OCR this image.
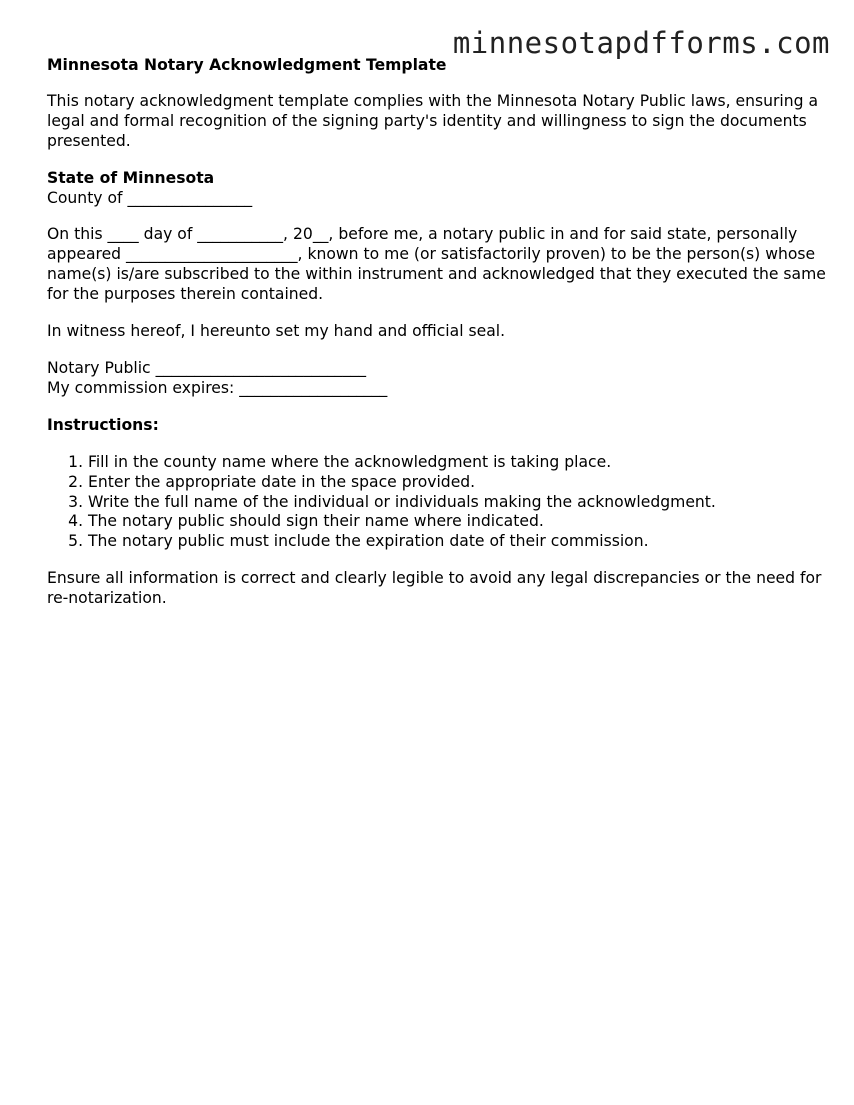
minnesotapdfforms.com
Minnesota Notary Acknowledgment Template
This notary acknowledgment template complies with the Minnesota Notary Public laws, ensuring a legal and formal recognition of the signing party's identity and willingness to sign the documents presented.
State of Minnesota
County of ________________
On this ____ day of ___________, 20__, before me, a notary public in and for said state, personally appeared ______________________, known to me (or satisfactorily proven) to be the person(s) whose name(s) is/are subscribed to the within instrument and acknowledged that they executed the same for the purposes therein contained.
In witness hereof, I hereunto set my hand and official seal.
Notary Public ___________________________
My commission expires: ___________________
Instructions:
1. Fill in the county name where the acknowledgment is taking place.
2. Enter the appropriate date in the space provided.
3. Write the full name of the individual or individuals making the acknowledgment.
4. The notary public should sign their name where indicated.
5. The notary public must include the expiration date of their commission.
Ensure all information is correct and clearly legible to avoid any legal discrepancies or the need for re-notarization.
